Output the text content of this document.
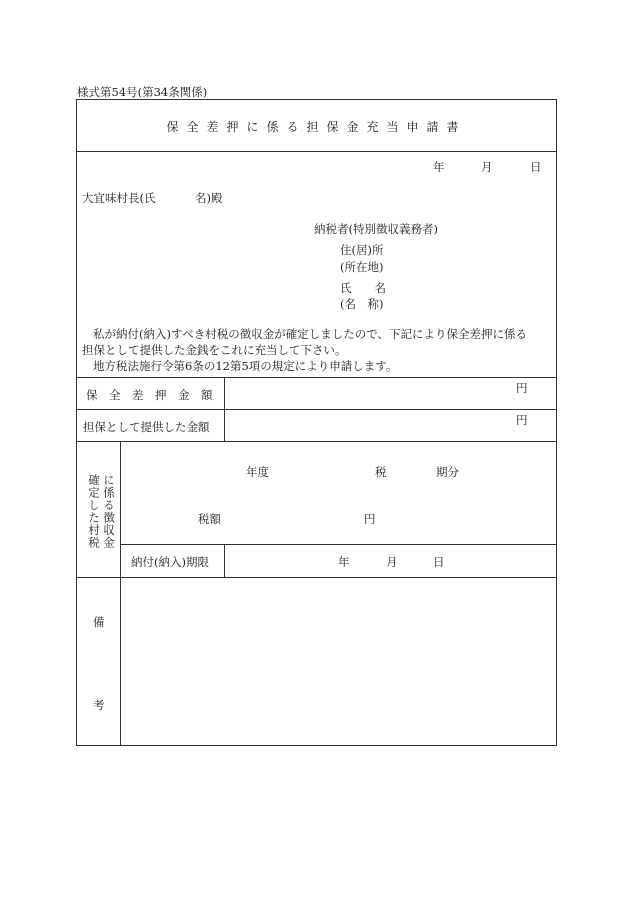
様式第54号(第34条関係)
保全差押に係る担保金充当申請書
年	月	日
大宜味村長(氏	名)殿
納税者(特別徴収義務者)
住(居)所
(所在地)
氏　　名
(名　称)
私が納付(納入)すべき村税の徴収金が確定しましたので、下記により保全差押に係る
担保として提供した金銭をこれに充当して下さい。
地方税法施行令第6条の12第5項の規定により申請します。
保　全　差　押　金　額	円
担保として提供した金額	円
に係る徴収金
確定した村税
年度	税	期分
税額	円
納付(納入)期限	年	月	日
備
考
